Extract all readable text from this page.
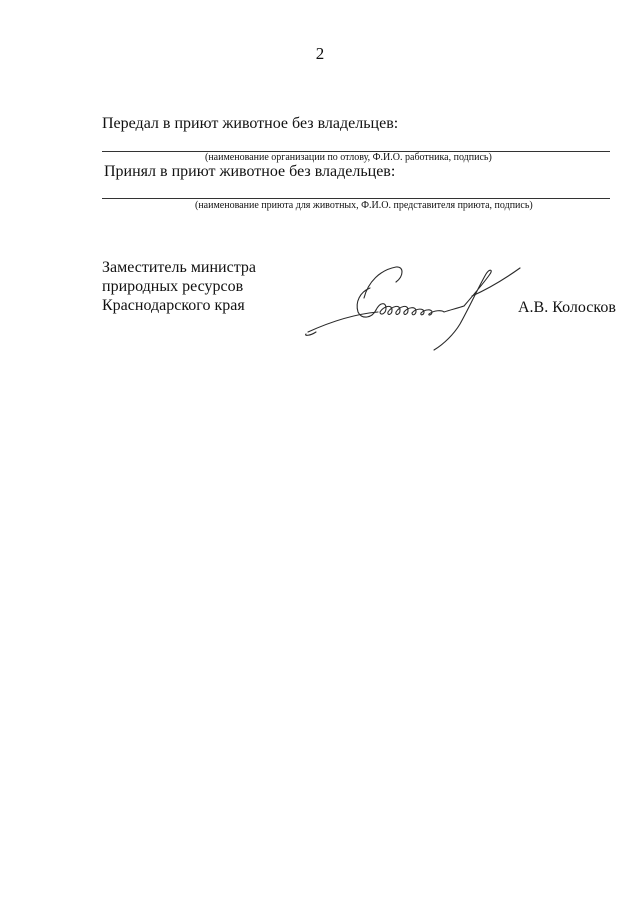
2
Передал в приют животное без владельцев:
(наименование организации по отлову, Ф.И.О. работника, подпись)
Принял в приют животное без владельцев:
(наименование приюта для животных, Ф.И.О. представителя приюта, подпись)
Заместитель министра
природных ресурсов
Краснодарского края	А.В. Колосков
